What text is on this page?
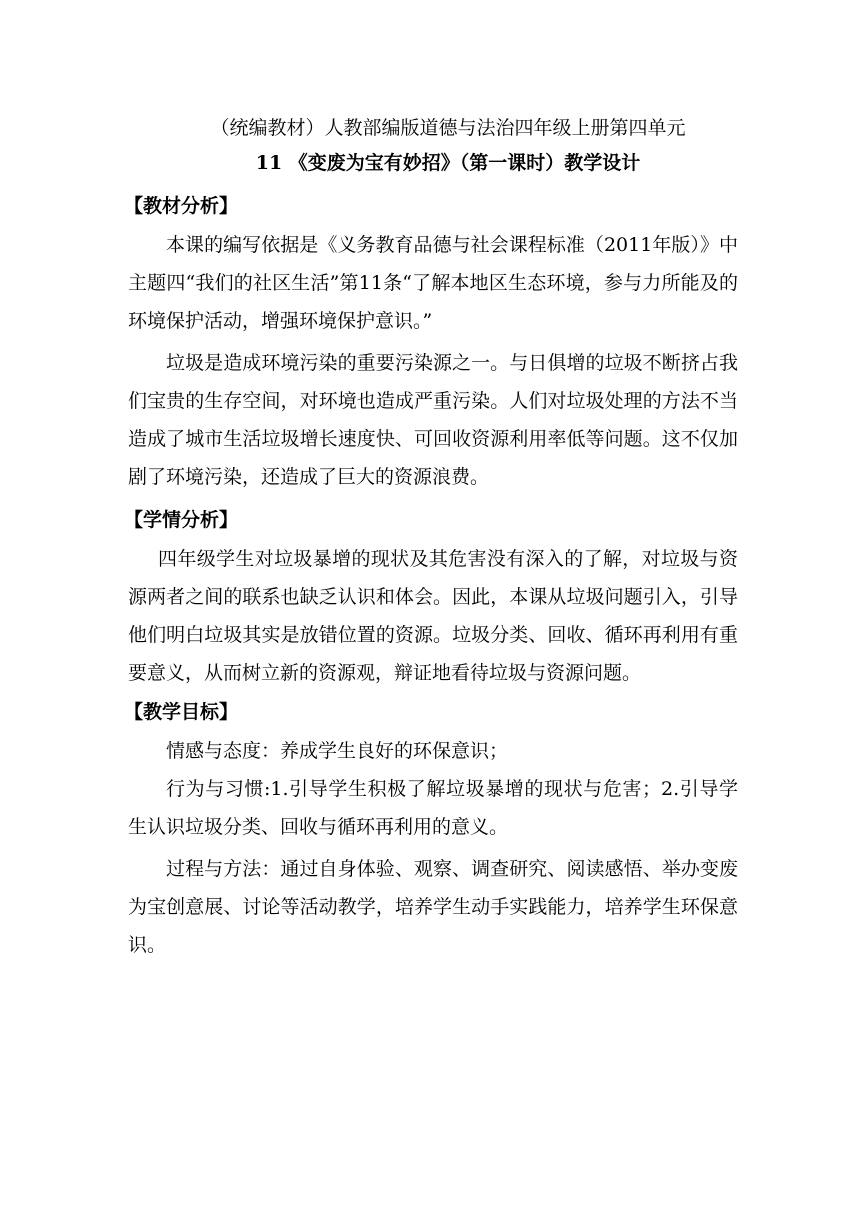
（统编教材）人教部编版道德与法治四年级上册第四单元
11 《变废为宝有妙招》（第一课时）教学设计
【教材分析】

本课的编写依据是《义务教育品德与社会课程标准（2011年版）》中主题四“我们的社区生活”第11条“了解本地区生态环境，参与力所能及的环境保护活动，增强环境保护意识。”

垃圾是造成环境污染的重要污染源之一。与日俱增的垃圾不断挤占我们宝贵的生存空间，对环境也造成严重污染。人们对垃圾处理的方法不当造成了城市生活垃圾增长速度快、可回收资源利用率低等问题。这不仅加剧了环境污染，还造成了巨大的资源浪费。

【学情分析】

四年级学生对垃圾暴增的现状及其危害没有深入的了解，对垃圾与资源两者之间的联系也缺乏认识和体会。因此，本课从垃圾问题引入，引导他们明白垃圾其实是放错位置的资源。垃圾分类、回收、循环再利用有重要意义，从而树立新的资源观，辩证地看待垃圾与资源问题。

【教学目标】

情感与态度：养成学生良好的环保意识；

行为与习惯:1.引导学生积极了解垃圾暴增的现状与危害；2.引导学生认识垃圾分类、回收与循环再利用的意义。

过程与方法：通过自身体验、观察、调查研究、阅读感悟、举办变废为宝创意展、讨论等活动教学，培养学生动手实践能力，培养学生环保意识。
